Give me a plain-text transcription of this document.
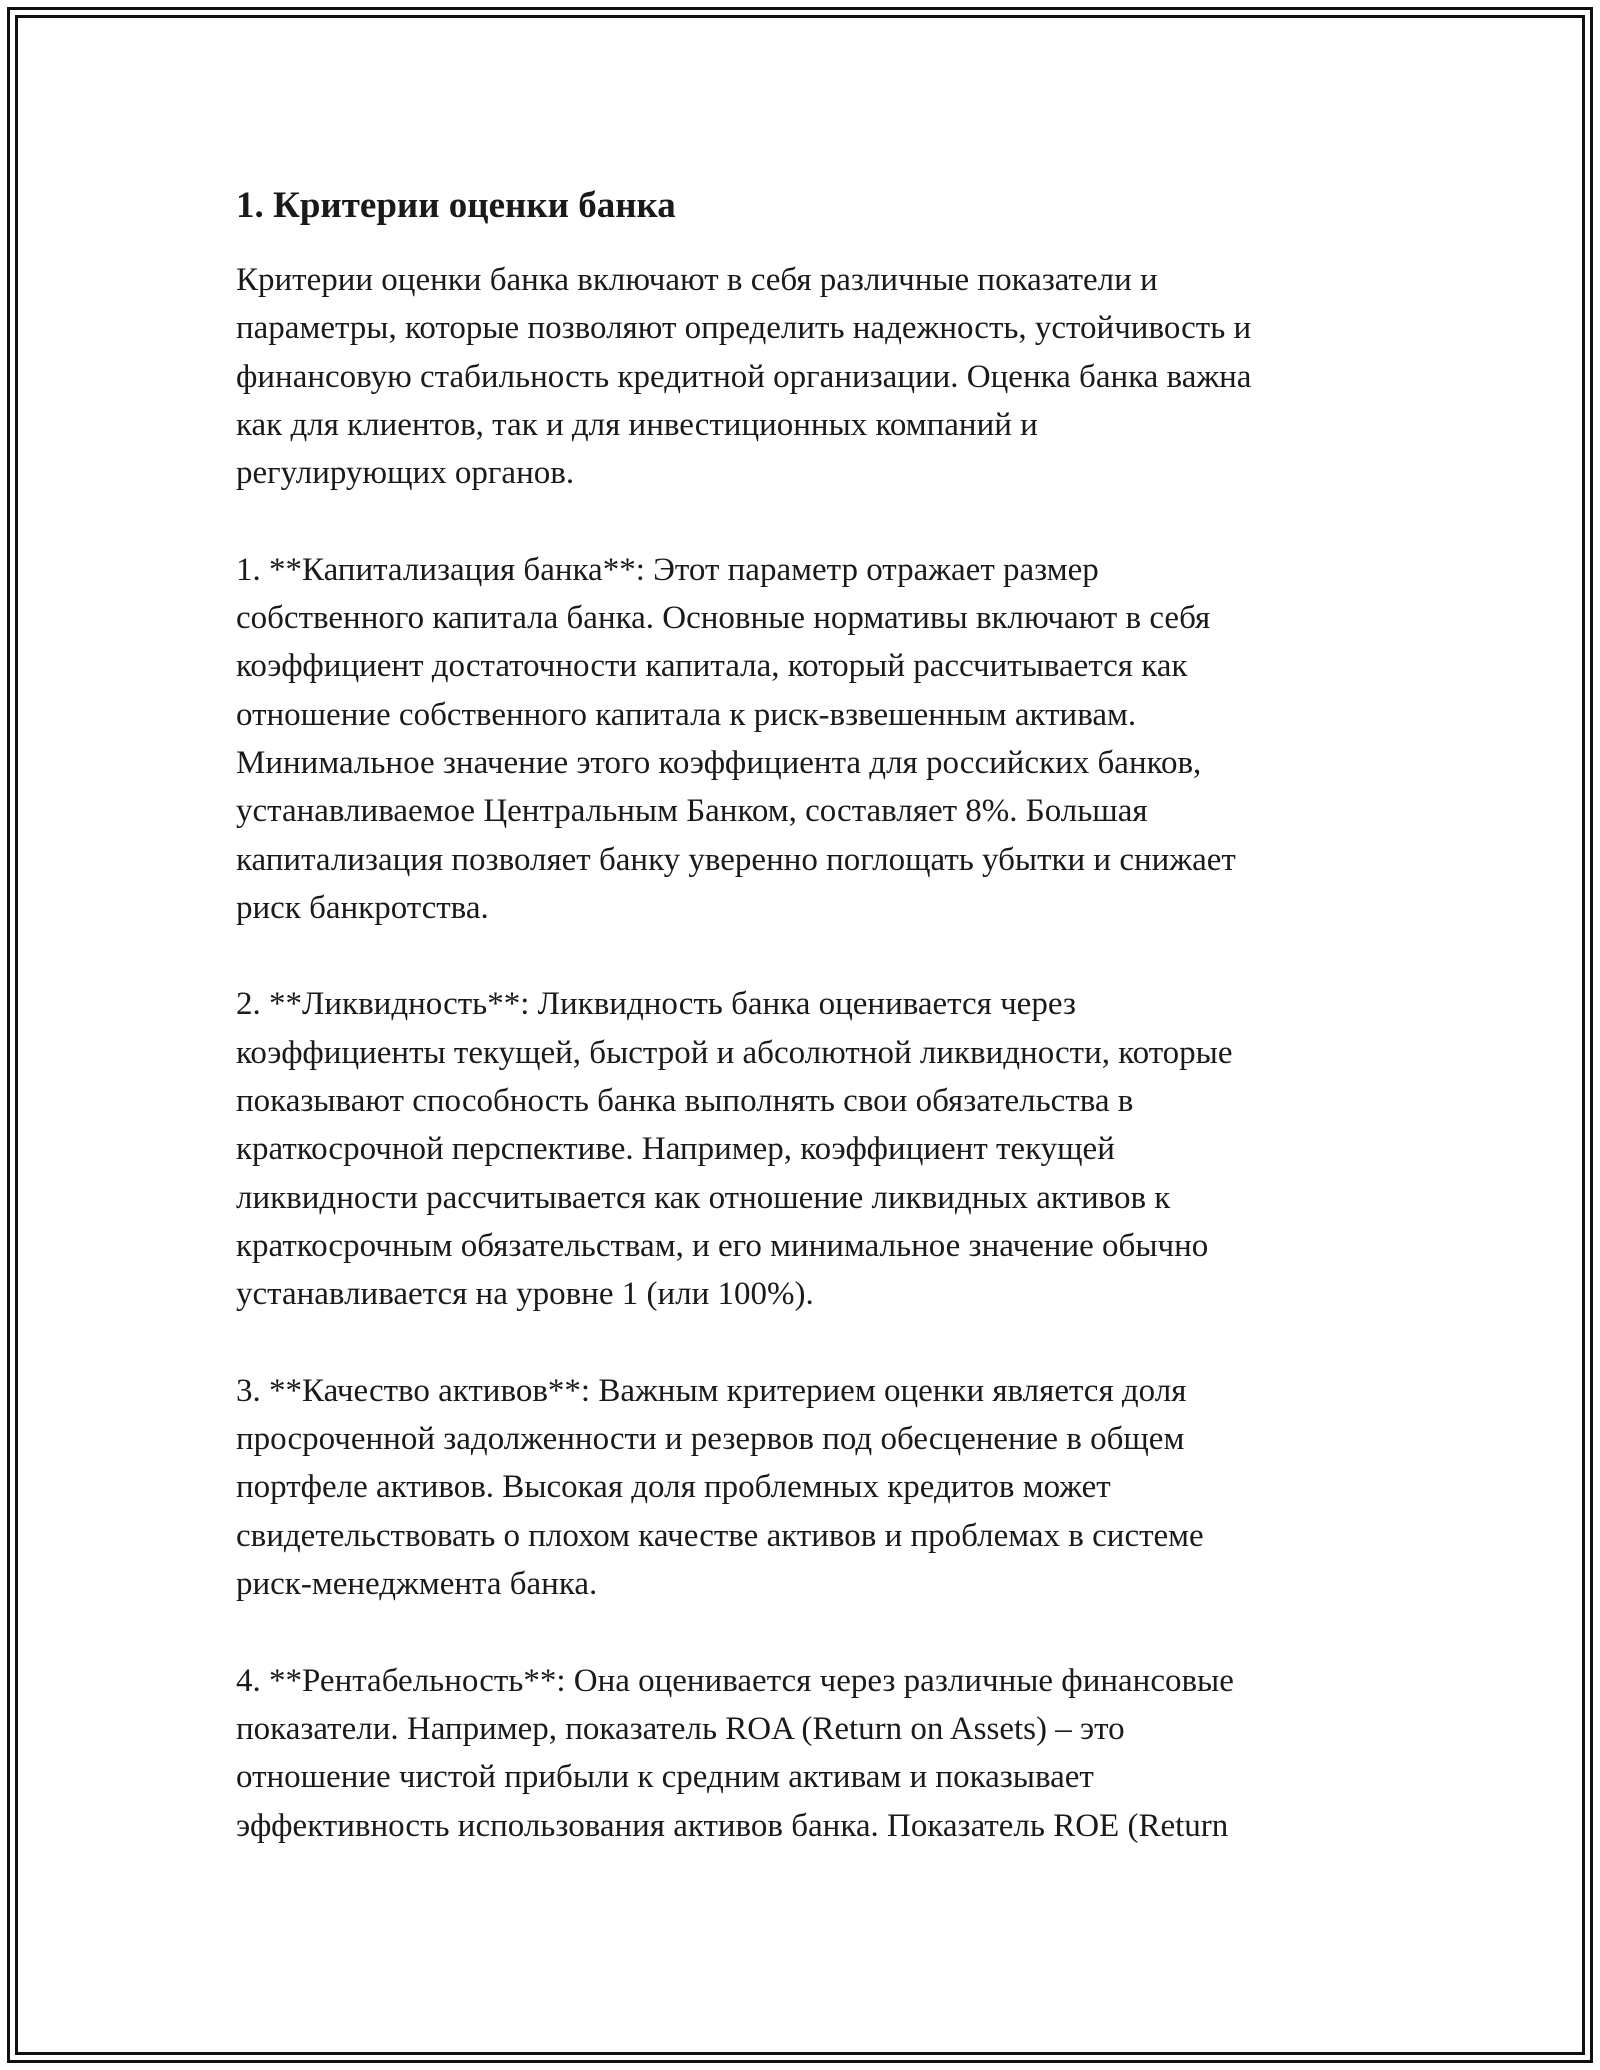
1. Критерии оценки банка
Критерии оценки банка включают в себя различные показатели и
параметры, которые позволяют определить надежность, устойчивость и
финансовую стабильность кредитной организации. Оценка банка важна
как для клиентов, так и для инвестиционных компаний и
регулирующих органов.
1. **Капитализация банка**: Этот параметр отражает размер
собственного капитала банка. Основные нормативы включают в себя
коэффициент достаточности капитала, который рассчитывается как
отношение собственного капитала к риск-взвешенным активам.
Минимальное значение этого коэффициента для российских банков,
устанавливаемое Центральным Банком, составляет 8%. Большая
капитализация позволяет банку уверенно поглощать убытки и снижает
риск банкротства.
2. **Ликвидность**: Ликвидность банка оценивается через
коэффициенты текущей, быстрой и абсолютной ликвидности, которые
показывают способность банка выполнять свои обязательства в
краткосрочной перспективе. Например, коэффициент текущей
ликвидности рассчитывается как отношение ликвидных активов к
краткосрочным обязательствам, и его минимальное значение обычно
устанавливается на уровне 1 (или 100%).
3. **Качество активов**: Важным критерием оценки является доля
просроченной задолженности и резервов под обесценение в общем
портфеле активов. Высокая доля проблемных кредитов может
свидетельствовать о плохом качестве активов и проблемах в системе
риск-менеджмента банка.
4. **Рентабельность**: Она оценивается через различные финансовые
показатели. Например, показатель ROA (Return on Assets) – это
отношение чистой прибыли к средним активам и показывает
эффективность использования активов банка. Показатель ROE (Return
